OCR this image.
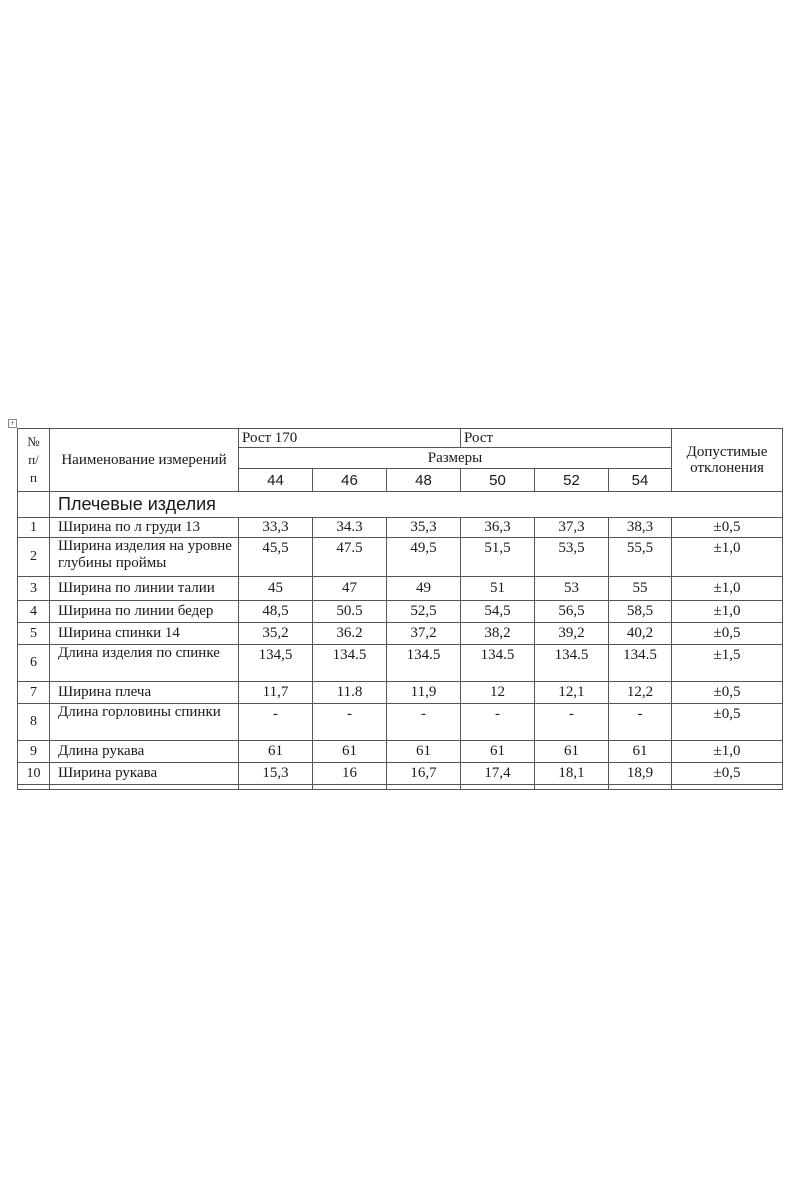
+
№ п/ п	Наименование измерений	Рост 170			Рост			Допустимые отклонения
		Размеры						
		44	46	48	50	52	54	
	Плечевые изделия							
1	Ширина по л груди 13	33,3	34.3	35,3	36,3	37,3	38,3	±0,5
2	Ширина изделия на уровне глубины проймы	45,5	47.5	49,5	51,5	53,5	55,5	±1,0
3	Ширина по линии талии	45	47	49	51	53	55	±1,0
4	Ширина по линии бедер	48,5	50.5	52,5	54,5	56,5	58,5	±1,0
5	Ширина спинки 14	35,2	36.2	37,2	38,2	39,2	40,2	±0,5
6	Длина изделия по спинке	134,5	134.5	134.5	134.5	134.5	134.5	±1,5
7	Ширина плеча	11,7	11.8	11,9	12	12,1	12,2	±0,5
8	Длина горловины спинки	-	-	-	-	-	-	±0,5
9	Длина рукава	61	61	61	61	61	61	±1,0
10	Ширина рукава	15,3	16	16,7	17,4	18,1	18,9	±0,5
